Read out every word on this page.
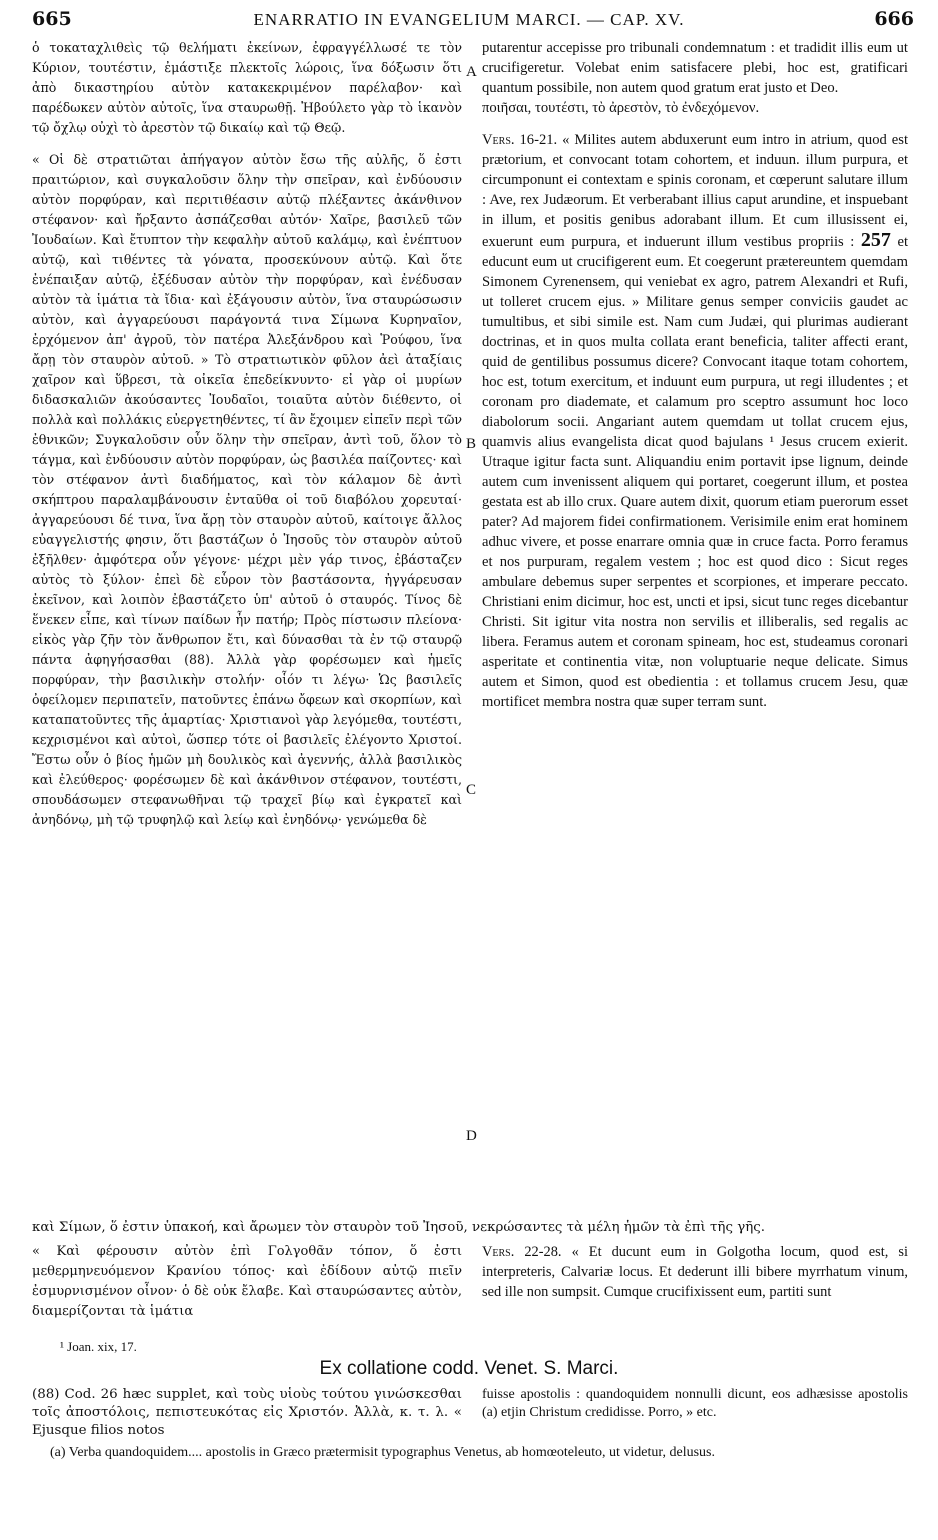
665	ENARRATIO IN EVANGELIUM MARCI. — CAP. XV.	666

ὁ τοκαταχλιθεὶς τῷ θελήματι ἐκείνων, ἐφραγγέλλωσέ τε τὸν Κύριον, τουτέστιν, ἐμάστιξε πλεκτοῖς λώροις, ἵνα δόξωσιν ὅτι ἀπὸ δικαστηρίου αὐτὸν κατακεκριμένον παρέλαβον· καὶ παρέδωκεν αὐτὸν αὐτοῖς, ἵνα σταυρωθῇ. Ἠβούλετο γὰρ τὸ ἱκανὸν τῷ ὄχλῳ οὐχὶ τὸ ἀρεστὸν τῷ δικαίῳ καὶ τῷ Θεῷ.

« Οἱ δὲ στρατιῶται ἀπήγαγον αὐτὸν ἔσω τῆς αὐλῆς, ὅ ἐστι πραιτώριον, καὶ συγκαλοῦσιν ὅλην τὴν σπεῖραν, καὶ ἐνδύουσιν αὐτὸν πορφύραν, καὶ περιτιθέασιν αὐτῷ πλέξαντες ἀκάνθινον στέφανον· καὶ ἤρξαντο ἀσπάζεσθαι αὐτόν· Χαῖρε, βασιλεῦ τῶν Ἰουδαίων. Καὶ ἔτυπτον τὴν κεφαλὴν αὐτοῦ καλάμῳ, καὶ ἐνέπτυον αὐτῷ, καὶ τιθέντες τὰ γόνατα, προσεκύνουν αὐτῷ. Καὶ ὅτε ἐνέπαιξαν αὐτῷ, ἐξέδυσαν αὐτὸν τὴν πορφύραν, καὶ ἐνέδυσαν αὐτὸν τὰ ἱμάτια τὰ ἴδια· καὶ ἐξάγουσιν αὐτὸν, ἵνα σταυρώσωσιν αὐτὸν, καὶ ἀγγαρεύουσι παράγοντά τινα Σίμωνα Κυρηναῖον, ἐρχόμενον ἀπ' ἀγροῦ, τὸν πατέρα Ἀλεξάνδρου καὶ Ῥούφου, ἵνα ἄρῃ τὸν σταυρὸν αὐτοῦ. » Τὸ στρατιωτικὸν φῦλον ἀεὶ ἀταξίαις χαῖρον καὶ ὕβρεσι, τὰ οἰκεῖα ἐπεδείκνυντο· εἰ γὰρ οἱ μυρίων διδασκαλιῶν ἀκούσαντες Ἰουδαῖοι, τοιαῦτα αὐτὸν διέθεντο, οἱ πολλὰ καὶ πολλάκις εὐεργετηθέντες, τί ἂν ἔχοιμεν εἰπεῖν περὶ τῶν ἐθνικῶν; Συγκαλοῦσιν οὖν ὅλην τὴν σπεῖραν, ἀντὶ τοῦ, ὅλον τὸ τάγμα, καὶ ἐνδύουσιν αὐτὸν πορφύραν, ὡς βασιλέα παίζοντες· καὶ τὸν στέφανον ἀντὶ διαδήματος, καὶ τὸν κάλαμον δὲ ἀντὶ σκήπτρου παραλαμβάνουσιν ἐνταῦθα οἱ τοῦ διαβόλου χορευταί· ἀγγαρεύουσι δέ τινα, ἵνα ἄρῃ τὸν σταυρὸν αὐτοῦ, καίτοιγε ἄλλος εὐαγγελιστής φησιν, ὅτι βαστάζων ὁ Ἰησοῦς τὸν σταυρὸν αὐτοῦ ἐξῆλθεν· ἀμφότερα οὖν γέγονε· μέχρι μὲν γάρ τινος, ἐβάσταζεν αὐτὸς τὸ ξύλον· ἐπεὶ δὲ εὗρον τὸν βαστάσοντα, ἠγγάρευσαν ἐκεῖνον, καὶ λοιπὸν ἐβαστάζετο ὑπ' αὐτοῦ ὁ σταυρός. Τίνος δὲ ἕνεκεν εἶπε, καὶ τίνων παίδων ἦν πατήρ; Πρὸς πίστωσιν πλείονα· εἰκὸς γὰρ ζῆν τὸν ἄνθρωπον ἔτι, καὶ δύνασθαι τὰ ἐν τῷ σταυρῷ πάντα ἀφηγήσασθαι (88). Ἀλλὰ γὰρ φορέσωμεν καὶ ἡμεῖς πορφύραν, τὴν βασιλικὴν στολήν· οἷόν τι λέγω· Ὡς βασιλεῖς ὀφείλομεν περιπατεῖν, πατοῦντες ἐπάνω ὄφεων καὶ σκορπίων, καὶ καταπατοῦντες τῆς ἁμαρτίας· Χριστιανοὶ γὰρ λεγόμεθα, τουτέστι, κεχρισμένοι καὶ αὐτοὶ, ὥσπερ τότε οἱ βασιλεῖς ἐλέγοντο Χριστοί. Ἔστω οὖν ὁ βίος ἡμῶν μὴ δουλικὸς καὶ ἀγεννής, ἀλλὰ βασιλικὸς καὶ ἐλεύθερος· φορέσωμεν δὲ καὶ ἀκάνθινον στέφανον, τουτέστι, σπουδάσωμεν στεφανωθῆναι τῷ τραχεῖ βίῳ καὶ ἐγκρατεῖ καὶ ἀνηδόνῳ, μὴ τῷ τρυφηλῷ καὶ λείῳ καὶ ἐνηδόνῳ· γενώμεθα δὲ

putarentur accepisse pro tribunali condemnatum : et tradidit illis eum ut crucifigeretur. Volebat enim satisfacere plebi, hoc est, gratificari quantum possibile, non autem quod gratum erat justo et Deo.

ποιῆσαι, τουτέστι, τὸ ἀρεστὸν, τὸ ἐνδεχόμενον.

Vers. 16-21. « Milites autem abduxerunt eum intro in atrium, quod est prætorium, et convocant totam cohortem, et induun. illum purpura, et circumponunt ei contextam e spinis coronam, et cœperunt salutare illum : Ave, rex Judæorum. Et verberabant illius caput arundine, et inspuebant in illum, et positis genibus adorabant illum. Et cum illusissent ei, exuerunt eum purpura, et induerunt illum vestibus propriis : 257 et educunt eum ut crucifigerent eum. Et coegerunt prætereuntem quemdam Simonem Cyrenensem, qui veniebat ex agro, patrem Alexandri et Rufi, ut tolleret crucem ejus. » Militare genus semper conviciis gaudet ac tumultibus, et sibi simile est. Nam cum Judæi, qui plurimas audierant doctrinas, et in quos multa collata erant beneficia, taliter affecti erant, quid de gentilibus possumus dicere? Convocant itaque totam cohortem, hoc est, totum exercitum, et induunt eum purpura, ut regi illudentes ; et coronam pro diademate, et calamum pro sceptro assumunt hoc loco diabolorum socii. Angariant autem quemdam ut tollat crucem ejus, quamvis alius evangelista dicat quod bajulans ¹ Jesus crucem exierit. Utraque igitur facta sunt. Aliquandiu enim portavit ipse lignum, deinde autem cum invenissent aliquem qui portaret, coegerunt illum, et postea gestata est ab illo crux. Quare autem dixit, quorum etiam puerorum esset pater? Ad majorem fidei confirmationem. Verisimile enim erat hominem adhuc vivere, et posse enarrare omnia quæ in cruce facta. Porro feramus et nos purpuram, regalem vestem ; hoc est quod dico : Sicut reges ambulare debemus super serpentes et scorpiones, et imperare peccato. Christiani enim dicimur, hoc est, uncti et ipsi, sicut tunc reges dicebantur Christi. Sit igitur vita nostra non servilis et illiberalis, sed regalis ac libera. Feramus autem et coronam spineam, hoc est, studeamus coronari asperitate et continentia vitæ, non voluptuarie neque delicate. Simus autem et Simon, quod est obedientia : et tollamus crucem Jesu, quæ mortificet membra nostra quæ super terram sunt.

A
B
C
D

καὶ Σίμων, ὅ ἐστιν ὑπακοή, καὶ ἄρωμεν τὸν σταυρὸν τοῦ Ἰησοῦ, νεκρώσαντες τὰ μέλη ἡμῶν τὰ ἐπὶ τῆς γῆς.

« Καὶ φέρουσιν αὐτὸν ἐπὶ Γολγοθᾶν τόπον, ὅ ἐστι μεθερμηνευόμενον Κρανίου τόπος· καὶ ἐδίδουν αὐτῷ πιεῖν ἐσμυρνισμένον οἶνον· ὁ δὲ οὐκ ἔλαβε. Καὶ σταυρώσαντες αὐτὸν, διαμερίζονται τὰ ἱμάτια

Vers. 22-28. « Et ducunt eum in Golgotha locum, quod est, si interpreteris, Calvariæ locus. Et dederunt illi bibere myrrhatum vinum, sed ille non sumpsit. Cumque crucifixissent eum, partiti sunt

¹ Joan. xix, 17.
Ex collatione codd. Venet. S. Marci.

(88) Cod. 26 hæc supplet, καὶ τοὺς υἱοὺς τούτου γινώσκεσθαι τοῖς ἀποστόλοις, πεπιστευκότας εἰς Χριστόν. Ἀλλὰ, κ. τ. λ. « Ejusque filios notos

fuisse apostolis : quandoquidem nonnulli dicunt, eos adhæsisse apostolis (a) etjin Christum credidisse. Porro, » etc.

(a) Verba quandoquidem.... apostolis in Græco prætermisit typographus Venetus, ab homœoteleuto, ut videtur, delusus.
